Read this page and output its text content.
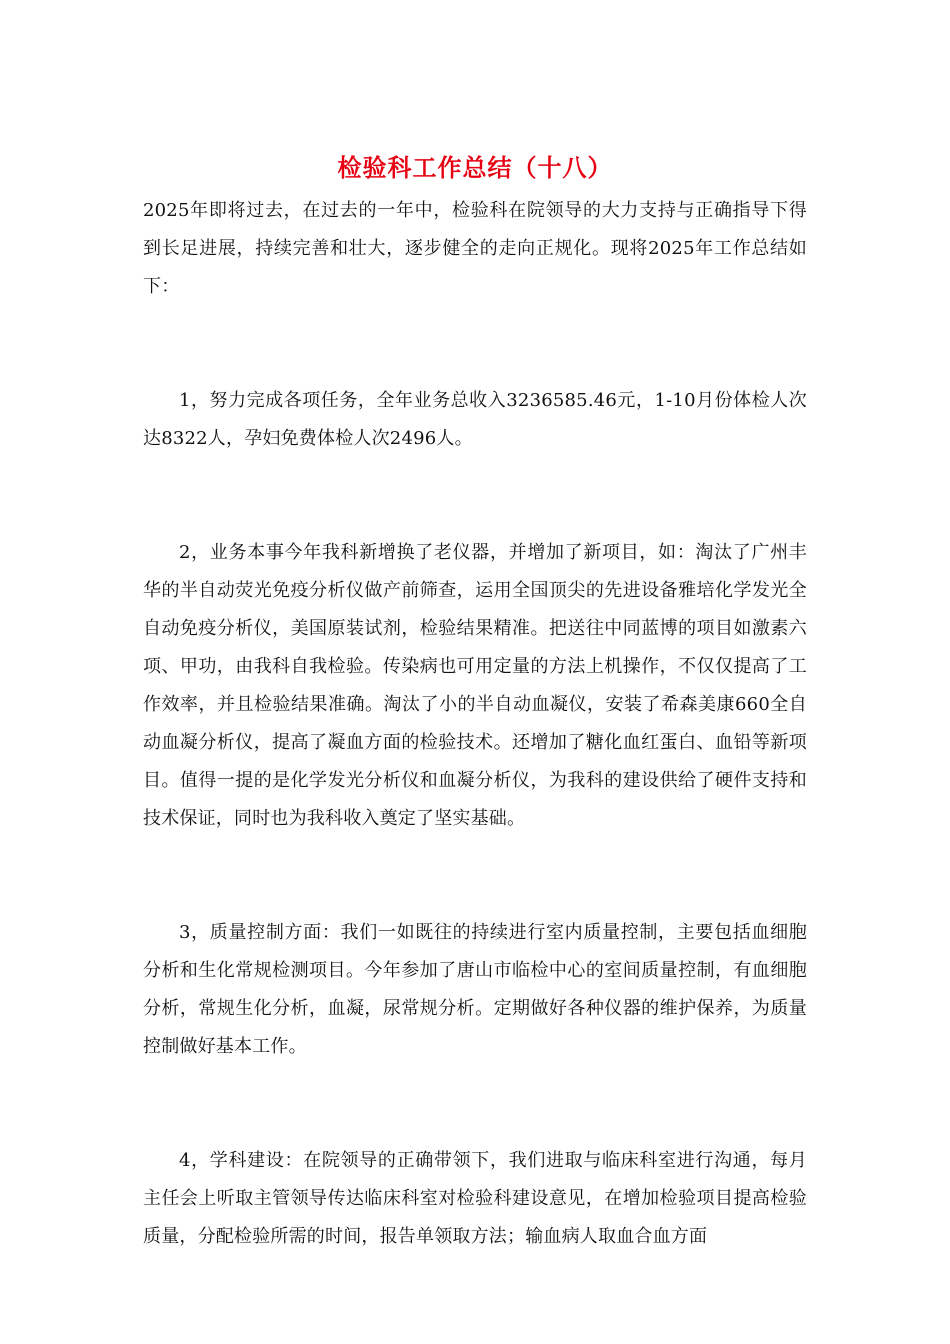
检验科工作总结（十八）

2025年即将过去，在过去的一年中，检验科在院领导的大力支持与正确指导下得到长足进展，持续完善和壮大，逐步健全的走向正规化。现将2025年工作总结如下：

1，努力完成各项任务，全年业务总收入3236585.46元，1-10月份体检人次达8322人，孕妇免费体检人次2496人。

2，业务本事今年我科新增换了老仪器，并增加了新项目，如：淘汰了广州丰华的半自动荧光免疫分析仪做产前筛查，运用全国顶尖的先进设备雅培化学发光全自动免疫分析仪，美国原装试剂，检验结果精准。把送往中同蓝博的项目如激素六项、甲功，由我科自我检验。传染病也可用定量的方法上机操作，不仅仅提高了工作效率，并且检验结果准确。淘汰了小的半自动血凝仪，安装了希森美康660全自动血凝分析仪，提高了凝血方面的检验技术。还增加了糖化血红蛋白、血铅等新项目。值得一提的是化学发光分析仪和血凝分析仪，为我科的建设供给了硬件支持和技术保证，同时也为我科收入奠定了坚实基础。

3，质量控制方面：我们一如既往的持续进行室内质量控制，主要包括血细胞分析和生化常规检测项目。今年参加了唐山市临检中心的室间质量控制，有血细胞分析，常规生化分析，血凝，尿常规分析。定期做好各种仪器的维护保养，为质量控制做好基本工作。

4，学科建设：在院领导的正确带领下，我们进取与临床科室进行沟通，每月主任会上听取主管领导传达临床科室对检验科建设意见，在增加检验项目提高检验质量，分配检验所需的时间，报告单领取方法；输血病人取血合血方面
